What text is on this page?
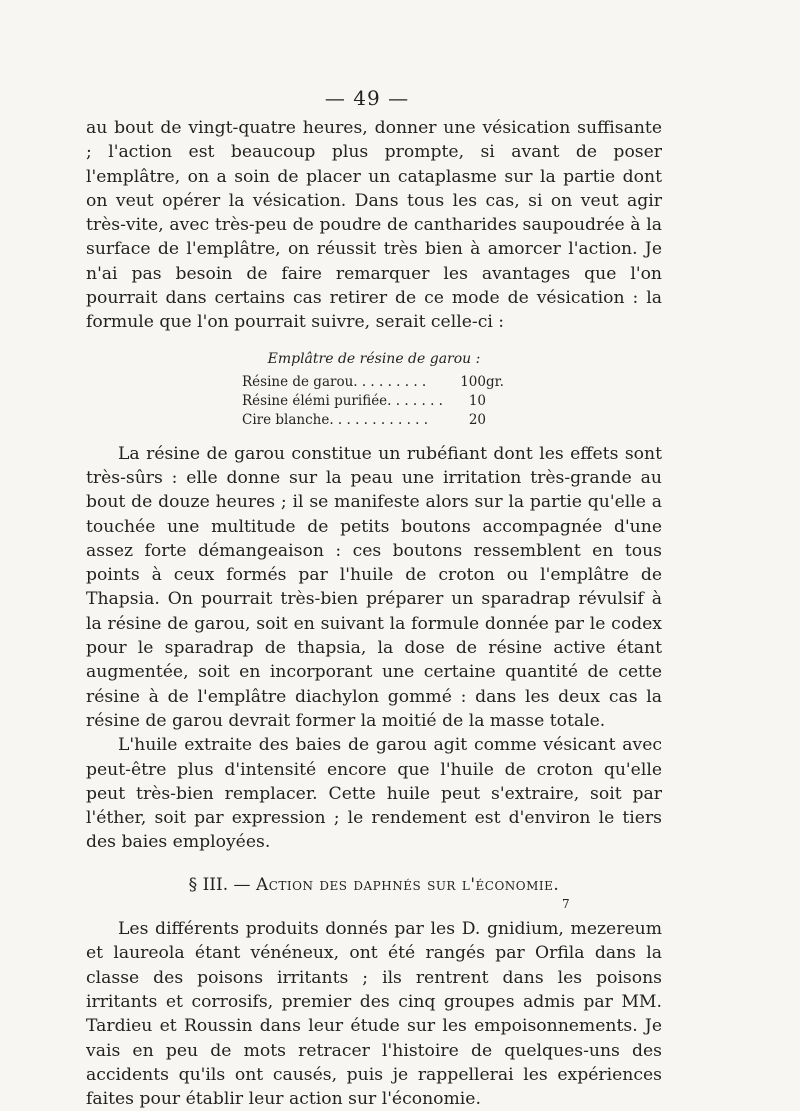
— 49 —

au bout de vingt-quatre heures, donner une vésication suffisante ; l'action est beaucoup plus prompte, si avant de poser l'emplâtre, on a soin de placer un cataplasme sur la partie dont on veut opérer la vésication. Dans tous les cas, si on veut agir très-vite, avec très-peu de poudre de cantharides saupoudrée à la surface de l'emplâtre, on réussit très bien à amorcer l'action. Je n'ai pas besoin de faire remarquer les avantages que l'on pourrait dans certains cas retirer de ce mode de vésication : la formule que l'on pourrait suivre, serait celle-ci :

Emplâtre de résine de garou :
Résine de garou. . . . . . . . .	100	gr.
Résine élémi purifiée. . . . . . .	10	
Cire blanche. . . . . . . . . . . .	20	

La résine de garou constitue un rubéfiant dont les effets sont très-sûrs : elle donne sur la peau une irritation très-grande au bout de douze heures ; il se manifeste alors sur la partie qu'elle a touchée une multitude de petits boutons accompagnée d'une assez forte démangeaison : ces boutons ressemblent en tous points à ceux formés par l'huile de croton ou l'emplâtre de Thapsia. On pourrait très-bien préparer un sparadrap révulsif à la résine de garou, soit en suivant la formule donnée par le codex pour le sparadrap de thapsia, la dose de résine active étant augmentée, soit en incorporant une certaine quantité de cette résine à de l'emplâtre diachylon gommé : dans les deux cas la résine de garou devrait former la moitié de la masse totale.

L'huile extraite des baies de garou agit comme vésicant avec peut-être plus d'intensité encore que l'huile de croton qu'elle peut très-bien remplacer. Cette huile peut s'extraire, soit par l'éther, soit par expression ; le rendement est d'environ le tiers des baies employées.

§ III. — Action des daphnés sur l'économie.

Les différents produits donnés par les D. gnidium, mezereum et laureola étant vénéneux, ont été rangés par Orfila dans la classe des poisons irritants ; ils rentrent dans les poisons irritants et corrosifs, premier des cinq groupes admis par MM. Tardieu et Roussin dans leur étude sur les empoisonnements. Je vais en peu de mots retracer l'histoire de quelques-uns des accidents qu'ils ont causés, puis je rappellerai les expériences faites pour établir leur action sur l'économie.

7
